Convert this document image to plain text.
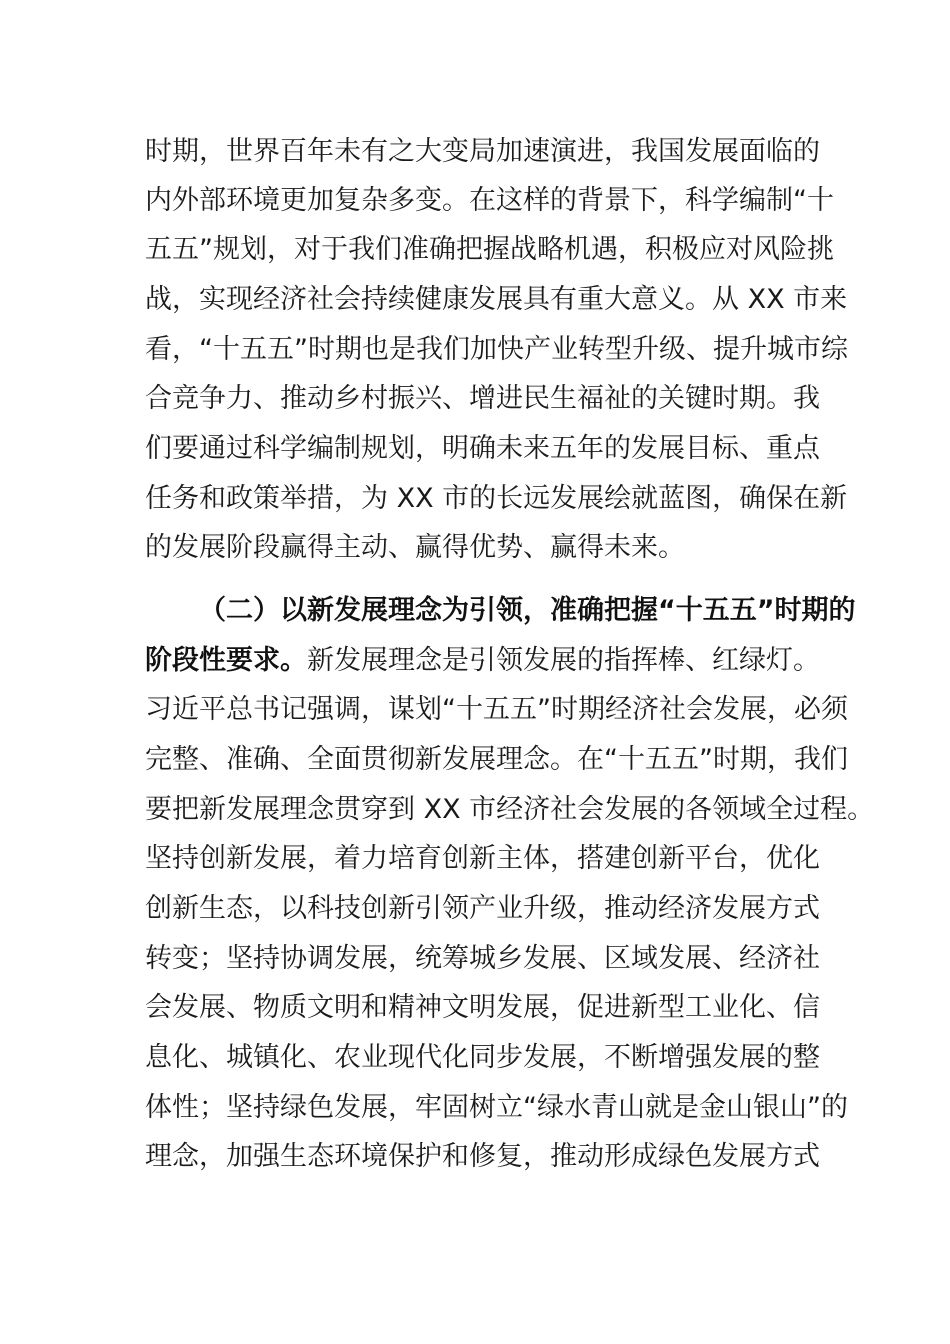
时期，世界百年未有之大变局加速演进，我国发展面临的
内外部环境更加复杂多变。在这样的背景下，科学编制“十
五五”规划，对于我们准确把握战略机遇，积极应对风险挑
战，实现经济社会持续健康发展具有重大意义。从 XX 市来
看，“十五五”时期也是我们加快产业转型升级、提升城市综
合竞争力、推动乡村振兴、增进民生福祉的关键时期。我
们要通过科学编制规划，明确未来五年的发展目标、重点
任务和政策举措，为 XX 市的长远发展绘就蓝图，确保在新
的发展阶段赢得主动、赢得优势、赢得未来。
（二）以新发展理念为引领，准确把握“十五五”时期的
阶段性要求。新发展理念是引领发展的指挥棒、红绿灯。
习近平总书记强调，谋划“十五五”时期经济社会发展，必须
完整、准确、全面贯彻新发展理念。在“十五五”时期，我们
要把新发展理念贯穿到 XX 市经济社会发展的各领域全过程。
坚持创新发展，着力培育创新主体，搭建创新平台，优化
创新生态，以科技创新引领产业升级，推动经济发展方式
转变；坚持协调发展，统筹城乡发展、区域发展、经济社
会发展、物质文明和精神文明发展，促进新型工业化、信
息化、城镇化、农业现代化同步发展，不断增强发展的整
体性；坚持绿色发展，牢固树立“绿水青山就是金山银山”的
理念，加强生态环境保护和修复，推动形成绿色发展方式
